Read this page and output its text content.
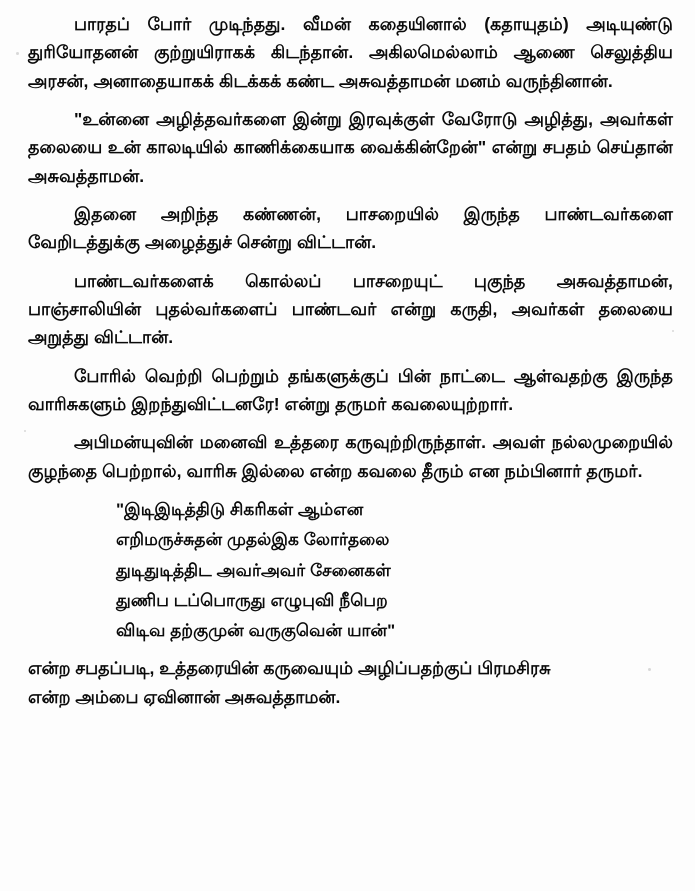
பாரதப் போர் முடிந்தது. வீமன் கதையினால் (கதாயுதம்) அடியுண்டு துரியோதனன் குற்றுயிராகக் கிடந்தான். அகிலமெல்லாம் ஆணை செலுத்திய அரசன், அனாதையாகக் கிடக்கக் கண்ட அசுவத்தாமன் மனம் வருந்தினான்.

"உன்னை அழித்தவர்களை இன்று இரவுக்குள் வேரோடு அழித்து, அவர்கள் தலையை உன் காலடியில் காணிக்கையாக வைக்கின்றேன்" என்று சபதம் செய்தான் அசுவத்தாமன்.

இதனை அறிந்த கண்ணன், பாசறையில் இருந்த பாண்டவர்களை வேறிடத்துக்கு அழைத்துச் சென்று விட்டான்.

பாண்டவர்களைக் கொல்லப் பாசறையுட் புகுந்த அசுவத்தாமன், பாஞ்சாலியின் புதல்வர்களைப் பாண்டவர் என்று கருதி, அவர்கள் தலையை அறுத்து விட்டான்.

போரில் வெற்றி பெற்றும் தங்களுக்குப் பின் நாட்டை ஆள்வதற்கு இருந்த வாரிசுகளும் இறந்துவிட்டனரே! என்று தருமர் கவலையுற்றார்.

அபிமன்யுவின் மனைவி உத்தரை கருவுற்றிருந்தாள். அவள் நல்லமுறையில் குழந்தை பெற்றால், வாரிசு இல்லை என்ற கவலை தீரும் என நம்பினார் தருமர்.

"இடிஇடித்திடு சிகரிகள் ஆம்என
எறிமருச்சுதன் முதல்இக லோர்தலை
துடிதுடித்திட அவர்அவர் சேனைகள்
துணிப டப்பொருது எழுபுவி நீபெற
விடிவ தற்குமுன் வருகுவென் யான்"

என்ற சபதப்படி, உத்தரையின் கருவையும் அழிப்பதற்குப் பிரமசிரசு

என்ற அம்பை ஏவினான் அசுவத்தாமன்.
